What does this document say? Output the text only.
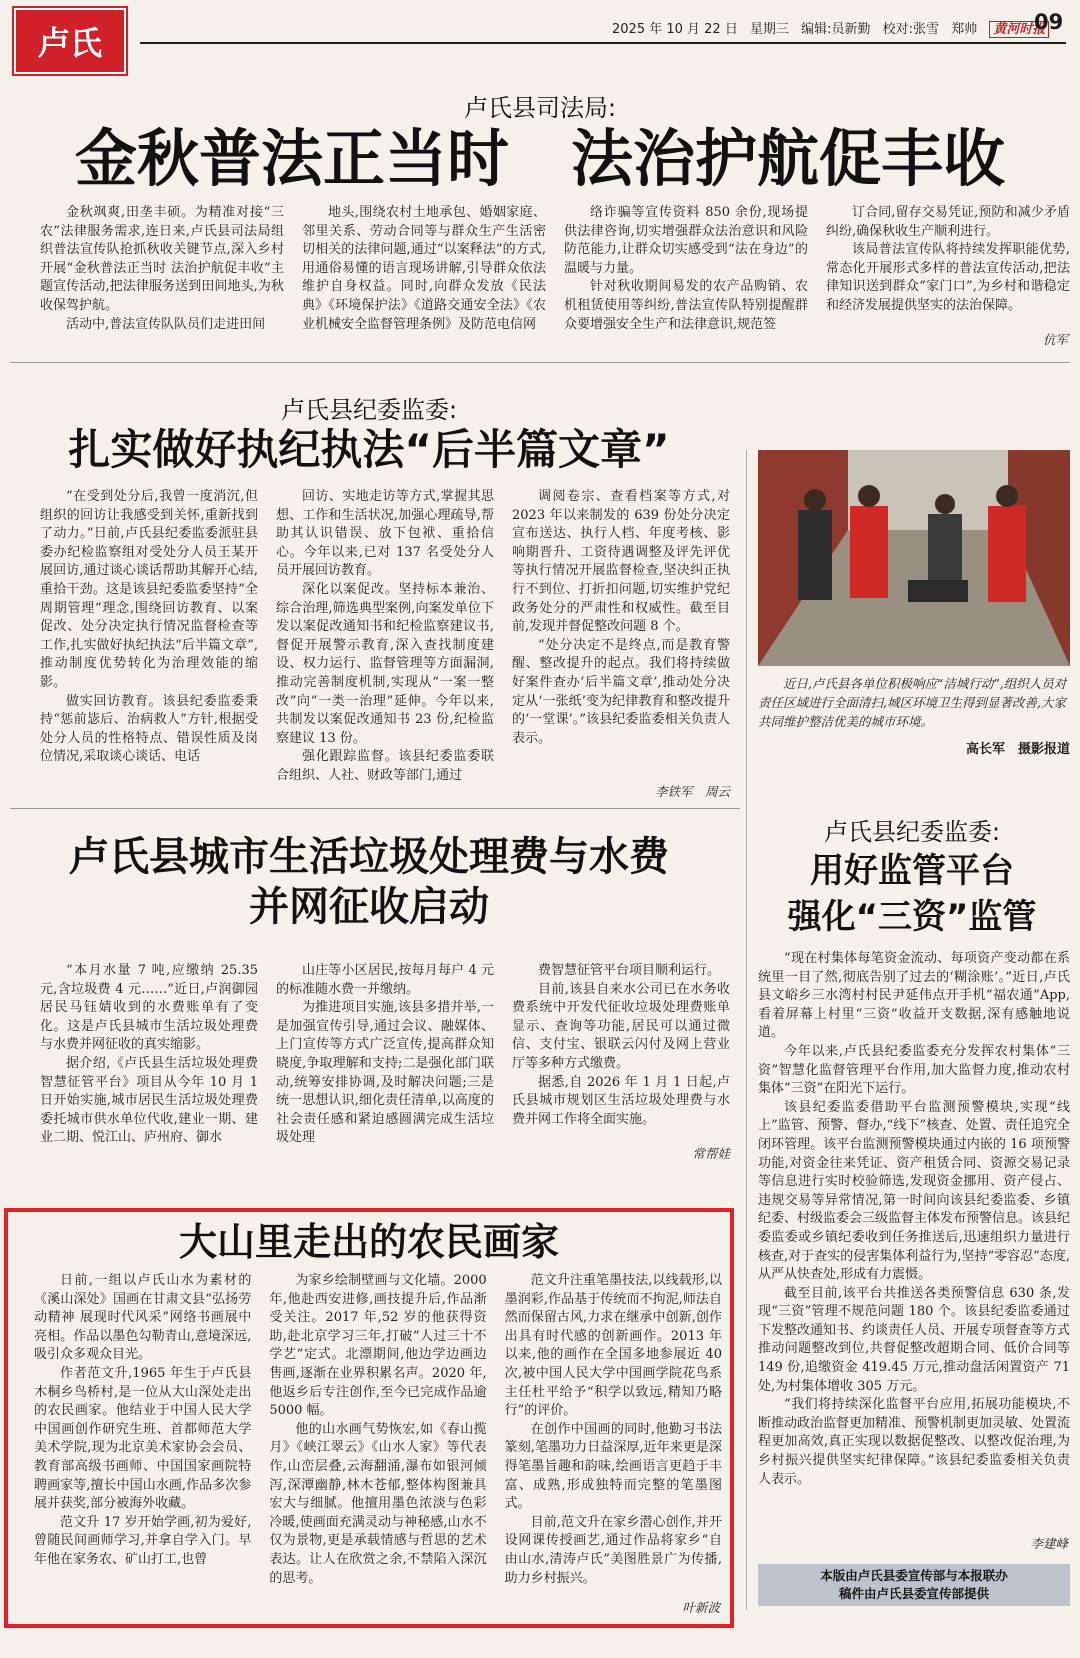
卢氏	2025 年 10 月 22 日 星期三 编辑:员新勤 校对:张雪 郑帅 黄河时报
09
卢氏县司法局:
金秋普法正当时　法治护航促丰收

金秋飒爽,田垄丰硕。为精准对接“三农”法律服务需求,连日来,卢氏县司法局组织普法宣传队抢抓秋收关键节点,深入乡村开展“金秋普法正当时 法治护航促丰收”主题宣传活动,把法律服务送到田间地头,为秋收保驾护航。

活动中,普法宣传队队员们走进田间

地头,围绕农村土地承包、婚姻家庭、邻里关系、劳动合同等与群众生产生活密切相关的法律问题,通过“以案释法”的方式,用通俗易懂的语言现场讲解,引导群众依法维护自身权益。同时,向群众发放《民法典》《环境保护法》《道路交通安全法》《农业机械安全监督管理条例》及防范电信网

络诈骗等宣传资料 850 余份,现场提供法律咨询,切实增强群众法治意识和风险防范能力,让群众切实感受到“法在身边”的温暖与力量。

针对秋收期间易发的农产品购销、农机租赁使用等纠纷,普法宣传队特别提醒群众要增强安全生产和法律意识,规范签

订合同,留存交易凭证,预防和减少矛盾纠纷,确保秋收生产顺利进行。

该局普法宣传队将持续发挥职能优势,常态化开展形式多样的普法宣传活动,把法律知识送到群众“家门口”,为乡村和谐稳定和经济发展提供坚实的法治保障。

伉军
卢氏县纪委监委:
扎实做好执纪执法“后半篇文章”

“在受到处分后,我曾一度消沉,但组织的回访让我感受到关怀,重新找到了动力。”日前,卢氏县纪委监委派驻县委办纪检监察组对受处分人员王某开展回访,通过谈心谈话帮助其解开心结,重拾干劲。这是该县纪委监委坚持“全周期管理”理念,围绕回访教育、以案促改、处分决定执行情况监督检查等工作,扎实做好执纪执法“后半篇文章”,推动制度优势转化为治理效能的缩影。

做实回访教育。该县纪委监委秉持“惩前毖后、治病救人”方针,根据受处分人员的性格特点、错误性质及岗位情况,采取谈心谈话、电话

回访、实地走访等方式,掌握其思想、工作和生活状况,加强心理疏导,帮助其认识错误、放下包袱、重拾信心。今年以来,已对 137 名受处分人员开展回访教育。

深化以案促改。坚持标本兼治、综合治理,筛选典型案例,向案发单位下发以案促改通知书和纪检监察建议书,督促开展警示教育,深入查找制度建设、权力运行、监督管理等方面漏洞,推动完善制度机制,实现从“一案一整改”向“一类一治理”延伸。今年以来,共制发以案促改通知书 23 份,纪检监察建议 13 份。

强化跟踪监督。该县纪委监委联合组织、人社、财政等部门,通过

调阅卷宗、查看档案等方式,对 2023 年以来制发的 639 份处分决定宣布送达、执行人档、年度考核、影响期晋升、工资待遇调整及评先评优等执行情况开展监督检查,坚决纠正执行不到位、打折扣问题,切实维护党纪政务处分的严肃性和权威性。截至目前,发现并督促整改问题 8 个。

“处分决定不是终点,而是教育警醒、整改提升的起点。我们将持续做好案件查办‘后半篇文章’,推动处分决定从‘一张纸’变为纪律教育和整改提升的‘一堂课’。”该县纪委监委相关负责人表示。

李铁军　周云
近日,卢氏县各单位积极响应“洁城行动”,组织人员对责任区域进行全面清扫,城区环境卫生得到显著改善,大家共同维护整洁优美的城市环境。
高长军　摄影报道
卢氏县城市生活垃圾处理费与水费
并网征收启动

“本月水量 7 吨,应缴纳 25.35 元,含垃圾费 4 元……”近日,卢润御园居民马钰婧收到的水费账单有了变化。这是卢氏县城市生活垃圾处理费与水费并网征收的真实缩影。

据介绍,《卢氏县生活垃圾处理费智慧征管平台》项目从今年 10 月 1 日开始实施,城市居民生活垃圾处理费委托城市供水单位代收,建业一期、建业二期、悦江山、庐州府、御水

山庄等小区居民,按每月每户 4 元的标准随水费一并缴纳。

为推进项目实施,该县多措并举,一是加强宣传引导,通过会议、融媒体、上门宣传等方式广泛宣传,提高群众知晓度,争取理解和支持;二是强化部门联动,统筹安排协调,及时解决问题;三是统一思想认识,细化责任清单,以高度的社会责任感和紧迫感圆满完成生活垃圾处理

费智慧征管平台项目顺利运行。

目前,该县自来水公司已在水务收费系统中开发代征收垃圾处理费账单显示、查询等功能,居民可以通过微信、支付宝、银联云闪付及网上营业厅等多种方式缴费。

据悉,自 2026 年 1 月 1 日起,卢氏县城市规划区生活垃圾处理费与水费并网工作将全面实施。

常帮娃
卢氏县纪委监委:
用好监管平台
强化“三资”监管

“现在村集体每笔资金流动、每项资产变动都在系统里一目了然,彻底告别了过去的‘糊涂账’。”近日,卢氏县文峪乡三水湾村村民尹延伟点开手机“福农通”App,看着屏幕上村里“三资”收益开支数据,深有感触地说道。

今年以来,卢氏县纪委监委充分发挥农村集体“三资”智慧化监督管理平台作用,加大监督力度,推动农村集体“三资”在阳光下运行。

该县纪委监委借助平台监测预警模块,实现“线上”监管、预警、督办,“线下”核查、处置、责任追究全闭环管理。该平台监测预警模块通过内嵌的 16 项预警功能,对资金往来凭证、资产租赁合同、资源交易记录等信息进行实时校验筛选,发现资金挪用、资产侵占、违规交易等异常情况,第一时间向该县纪委监委、乡镇纪委、村级监委会三级监督主体发布预警信息。该县纪委监委或乡镇纪委收到任务推送后,迅速组织力量进行核查,对于查实的侵害集体利益行为,坚持“零容忍”态度,从严从快查处,形成有力震慑。

截至目前,该平台共推送各类预警信息 630 条,发现“三资”管理不规范问题 180 个。该县纪委监委通过下发整改通知书、约谈责任人员、开展专项督查等方式推动问题整改到位,共督促整改超期合同、低价合同等 149 份,追缴资金 419.45 万元,推动盘活闲置资产 71 处,为村集体增收 305 万元。

“我们将持续深化监督平台应用,拓展功能模块,不断推动政治监督更加精准、预警机制更加灵敏、处置流程更加高效,真正实现以数据促整改、以整改促治理,为乡村振兴提供坚实纪律保障。”该县纪委监委相关负责人表示。

李建峰
大山里走出的农民画家

日前,一组以卢氏山水为素材的《溪山深处》国画在甘肃文县“弘扬劳动精神 展现时代风采”网络书画展中亮相。作品以墨色勾勒青山,意境深远,吸引众多观众目光。

作者范文升,1965 年生于卢氏县木桐乡鸟桥村,是一位从大山深处走出的农民画家。他结业于中国人民大学中国画创作研究生班、首都师范大学美术学院,现为北京美术家协会会员、教育部高级书画师、中国国家画院特聘画家等,擅长中国山水画,作品多次参展并获奖,部分被海外收藏。

范文升 17 岁开始学画,初为爱好,曾随民间画师学习,并拿自学入门。早年他在家务农、矿山打工,也曾

为家乡绘制壁画与文化墙。2000 年,他赴西安进修,画技提升后,作品渐受关注。2017 年,52 岁的他获得资助,赴北京学习三年,打破“人过三十不学艺”定式。北漂期间,他边学边画边售画,逐渐在业界积累名声。2020 年,他返乡后专注创作,至今已完成作品逾 5000 幅。

他的山水画气势恢宏,如《春山揽月》《峡江翠云》《山水人家》等代表作,山峦层叠,云海翻涌,瀑布如银河倾泻,深潭幽静,林木苍郁,整体构图兼具宏大与细腻。他擅用墨色浓淡与色彩冷暖,使画面充满灵动与神秘感,山水不仅为景物,更是承载情感与哲思的艺术表达。让人在欣赏之余,不禁陷入深沉的思考。

范文升注重笔墨技法,以线载形,以墨润彩,作品基于传统而不拘泥,师法自然而保留古风,力求在继承中创新,创作出具有时代感的创新画作。2013 年以来,他的画作在全国多地参展近 40 次,被中国人民大学中国画学院花鸟系主任杜平给予“积学以致远,精知乃略行”的评价。

在创作中国画的同时,他勤习书法篆刻,笔墨功力日益深厚,近年来更是深得笔墨旨趣和韵味,绘画语言更趋于丰富、成熟,形成独特而完整的笔墨图式。

目前,范文升在家乡潜心创作,并开设网课传授画艺,通过作品将家乡“自由山水,清涛卢氏”美图胜景广为传播,助力乡村振兴。

叶新波
本版由卢氏县委宣传部与本报联办
稿件由卢氏县委宣传部提供
